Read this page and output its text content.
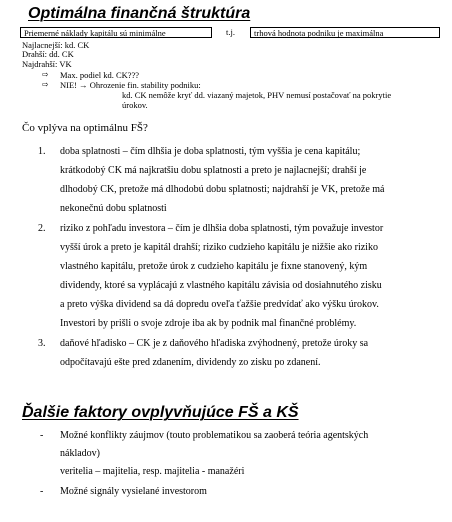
Optimálna finančná štruktúra
Priemerné náklady kapitálu sú minimálne	t.j.	trhová hodnota podniku je maximálna
Najlacnejší: kd. CK
Drahší: dd. CK
Najdrahší: VK
⇨ Max. podiel kd. CK???
⇨ NIE! → Ohrozenie fin. stability podniku:
kd. CK nemôže kryť dd. viazaný majetok, PHV nemusí postačovať na pokrytie
úrokov.
Čo vplýva na optimálnu FŠ?
1. doba splatnosti – čím dlhšia je doba splatnosti, tým vyššia je cena kapitálu;
krátkodobý CK má najkratšiu dobu splatnosti a preto je najlacnejší; drahší je
dlhodobý CK, pretože má dlhodobú dobu splatnosti; najdrahší je VK, pretože má
nekonečnú dobu splatnosti
2. riziko z pohľadu investora – čím je dlhšia doba splatnosti, tým považuje investor
vyšší úrok a preto je kapitál drahší; riziko cudzieho kapitálu je nižšie ako riziko
vlastného kapitálu, pretože úrok z cudzieho kapitálu je fixne stanovený, kým
dividendy, ktoré sa vyplácajú z vlastného kapitálu závisia od dosiahnutého zisku
a preto výška dividend sa dá dopredu oveľa ťažšie predvídať ako výšku úrokov.
Investori by prišli o svoje zdroje iba ak by podnik mal finančné problémy.
3. daňové hľadisko – CK je z daňového hľadiska zvýhodnený, pretože úroky sa
odpočítavajú ešte pred zdanením, dividendy zo zisku po zdanení.
Ďalšie faktory ovplyvňujúce FŠ a KŠ
- Možné konflikty záujmov (touto problematikou sa zaoberá teória agentských
nákladov)
veritelia – majitelia, resp. majitelia - manažéri
- Možné signály vysielané investorom
